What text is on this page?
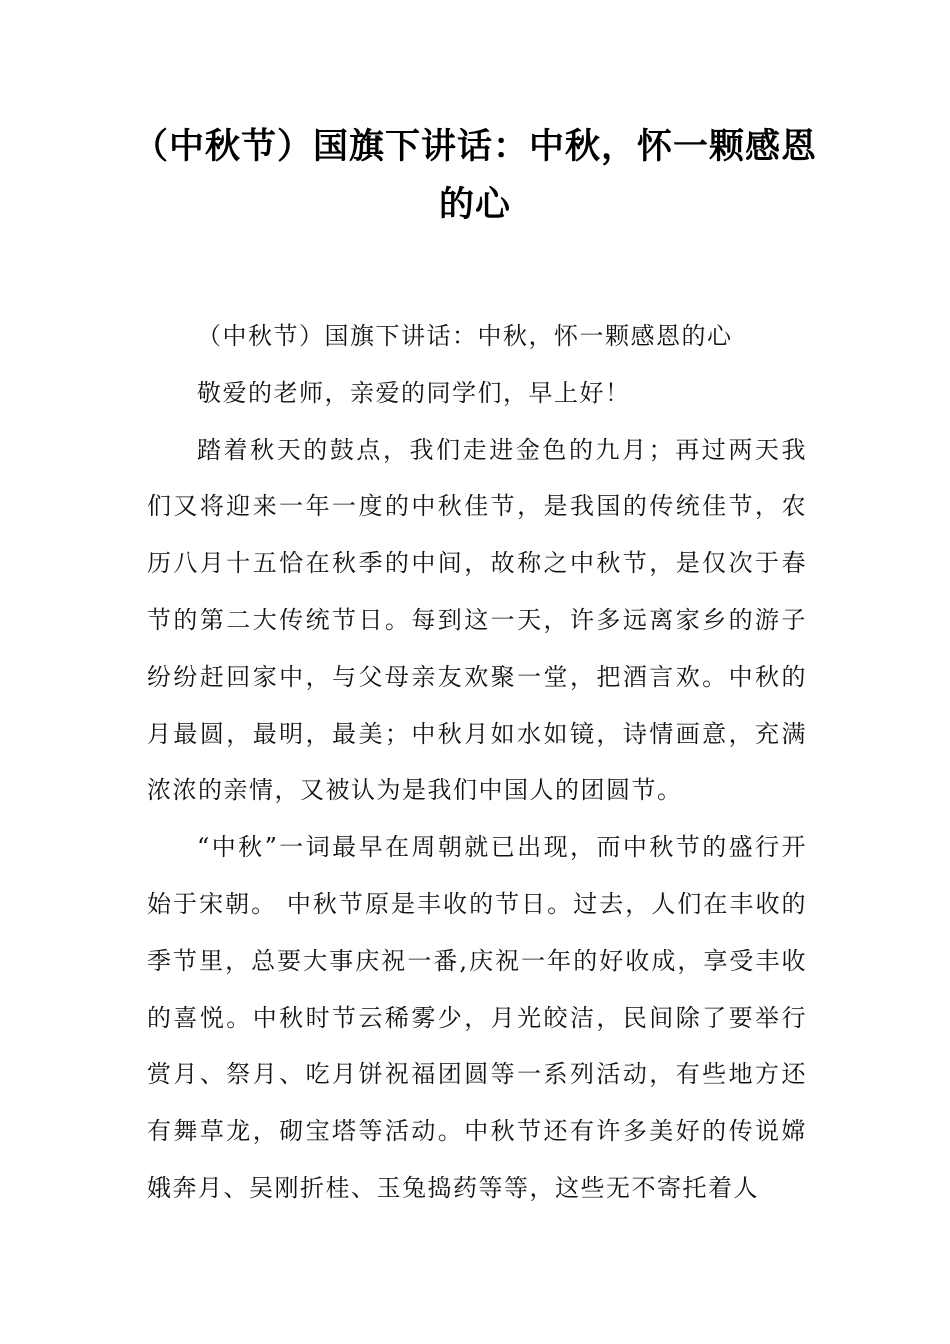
（中秋节）国旗下讲话：中秋，怀一颗感恩的心

（中秋节）国旗下讲话：中秋，怀一颗感恩的心

敬爱的老师，亲爱的同学们，早上好！

踏着秋天的鼓点，我们走进金色的九月；再过两天我们又将迎来一年一度的中秋佳节，是我国的传统佳节，农历八月十五恰在秋季的中间，故称之中秋节，是仅次于春节的第二大传统节日。每到这一天，许多远离家乡的游子纷纷赶回家中，与父母亲友欢聚一堂，把酒言欢。中秋的月最圆，最明，最美；中秋月如水如镜，诗情画意，充满浓浓的亲情，又被认为是我们中国人的团圆节。

“中秋”一词最早在周朝就已出现，而中秋节的盛行开始于宋朝。 中秋节原是丰收的节日。过去，人们在丰收的季节里，总要大事庆祝一番,庆祝一年的好收成，享受丰收的喜悦。中秋时节云稀雾少，月光皎洁，民间除了要举行赏月、祭月、吃月饼祝福团圆等一系列活动，有些地方还有舞草龙，砌宝塔等活动。中秋节还有许多美好的传说嫦娥奔月、吴刚折桂、玉兔捣药等等，这些无不寄托着人
